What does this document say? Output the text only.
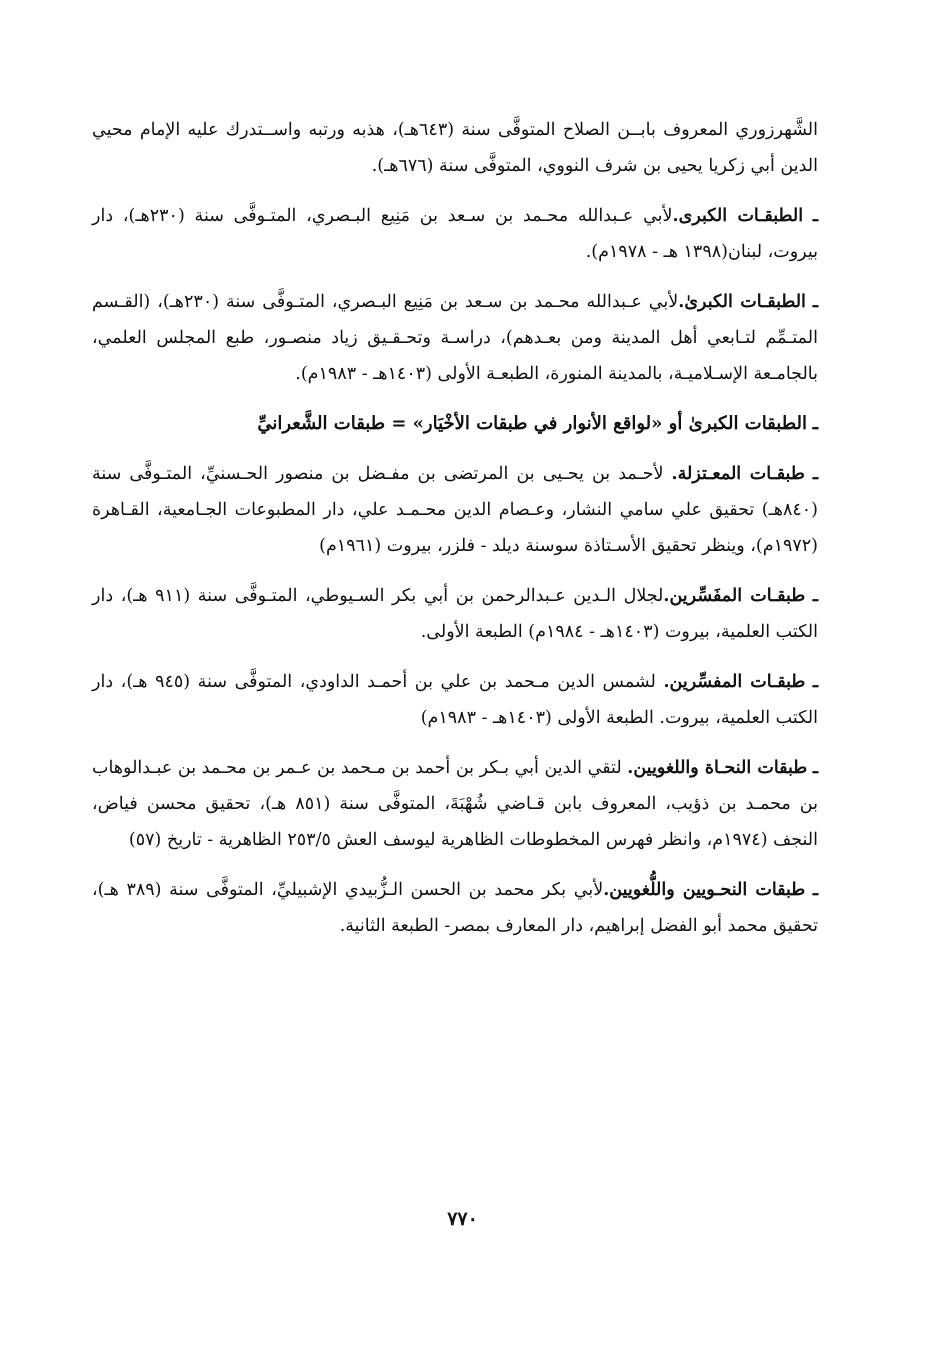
الشَّهرزوري المعروف بابــن الصلاح المتوفَّى سنة (٦٤٣هـ)، هذبه ورتبه واســتدرك عليه الإمام محيي الدين أبي زكريا يحيى بن شرف النووي، المتوفَّى سنة (٦٧٦هـ).

ـ الطبقـات الكبرى.لأبي عـبدالله محـمد بن سـعد بن مَنِيع البـصري، المتـوفَّى سنة (٢٣٠هـ)، دار بيروت، لبنان(١٣٩٨ هـ - ١٩٧٨م).

ـ الطبقـات الكبرىٰ.لأبي عـبدالله محـمد بن سـعد بن مَنِيع البـصري، المتـوفَّى سنة (٢٣٠هـ)، (القـسم المتـمِّم لتـابعي أهل المدينة ومن بعـدهم)، دراسـة وتحـقـيق زياد منصـور، طبع المجلس العلمي، بالجامـعة الإسـلاميـة، بالمدينة المنورة، الطبعـة الأولى (١٤٠٣هـ - ١٩٨٣م).

ـ الطبقات الكبرىٰ أو «لواقع الأنوار في طبقات الأخْيَار» = طبقات الشَّعرانيِّ

ـ طبقـات المعـتزلة. لأحـمد بن يحـيى بن المرتضى بن مفـضل بن منصور الحـسنيِّ، المتـوفَّى سنة (٨٤٠هـ) تحقيق علي سامي النشار، وعـصام الدين محـمـد علي، دار المطبوعات الجـامعية، القـاهرة (١٩٧٢م)، وينظر تحقيق الأسـتاذة سوسنة ديلد - فلزر، بيروت (١٩٦١م)

ـ طبقـات المفَسِّرين.لجلال الـدين عـبدالرحمن بن أبي بكر السـيوطي، المتـوفَّى سنة (٩١١ هـ)، دار الكتب العلمية، بيروت (١٤٠٣هـ - ١٩٨٤م) الطبعة الأولى.

ـ طبقـات المفسِّرين. لشمس الدين مـحمد بن علي بن أحمـد الداودي، المتوفَّى سنة (٩٤٥ هـ)، دار الكتب العلمية، بيروت. الطبعة الأولى (١٤٠٣هـ - ١٩٨٣م)

ـ طبقات النحـاة واللغويين. لتقي الدين أبي بـكر بن أحمد بن مـحمد بن عـمر بن محـمد بن عبـدالوهاب بن محمـد بن ذؤيب، المعروف بابن قـاضي شُهْبَةَ، المتوفَّى سنة (٨٥١ هـ)، تحقيق محسن فياض، النجف (١٩٧٤م، وانظر فهرس المخطوطات الظاهرية ليوسف العش ٢٥٣/٥ الظاهرية - تاريخ (٥٧)

ـ طبقات النحـويين واللُّغويين.لأبي بكر محمد بن الحسن الـزُّبيدي الإشبيليِّ، المتوفَّى سنة (٣٨٩ هـ)، تحقيق محمد أبو الفضل إبراهيم، دار المعارف بمصر- الطبعة الثانية.

٧٧٠
